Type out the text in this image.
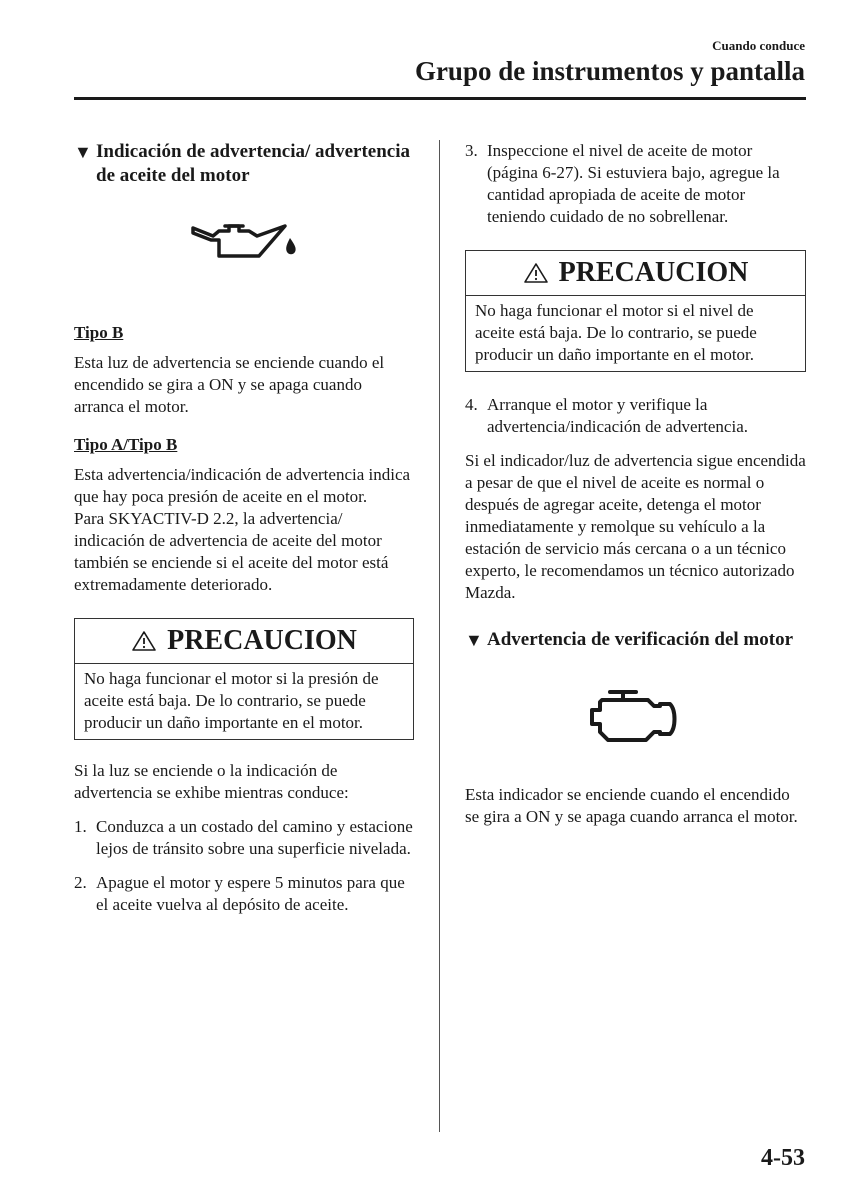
Cuando conduce
Grupo de instrumentos y pantalla
▼ Indicación de advertencia/ advertencia de aceite del motor

Tipo B

Esta luz de advertencia se enciende cuando el encendido se gira a ON y se apaga cuando arranca el motor.

Tipo A/Tipo B

Esta advertencia/indicación de advertencia indica que hay poca presión de aceite en el motor.

Para SKYACTIV-D 2.2, la advertencia/ indicación de advertencia de aceite del motor también se enciende si el aceite del motor está extremadamente deteriorado.

PRECAUCION
No haga funcionar el motor si la presión de aceite está baja. De lo contrario, se puede producir un daño importante en el motor.

Si la luz se enciende o la indicación de advertencia se exhibe mientras conduce:

1. Conduzca a un costado del camino y estacione lejos de tránsito sobre una superficie nivelada.
2. Apague el motor y espere 5 minutos para que el aceite vuelva al depósito de aceite.
3. Inspeccione el nivel de aceite de motor (página 6-27). Si estuviera bajo, agregue la cantidad apropiada de aceite de motor teniendo cuidado de no sobrellenar.
PRECAUCION
No haga funcionar el motor si el nivel de aceite está baja. De lo contrario, se puede producir un daño importante en el motor.
4. Arranque el motor y verifique la advertencia/indicación de advertencia.

Si el indicador/luz de advertencia sigue encendida a pesar de que el nivel de aceite es normal o después de agregar aceite, detenga el motor inmediatamente y remolque su vehículo a la estación de servicio más cercana o a un técnico experto, le recomendamos un técnico autorizado Mazda.

▼ Advertencia de verificación del motor

Esta indicador se enciende cuando el encendido se gira a ON y se apaga cuando arranca el motor.

4-53
